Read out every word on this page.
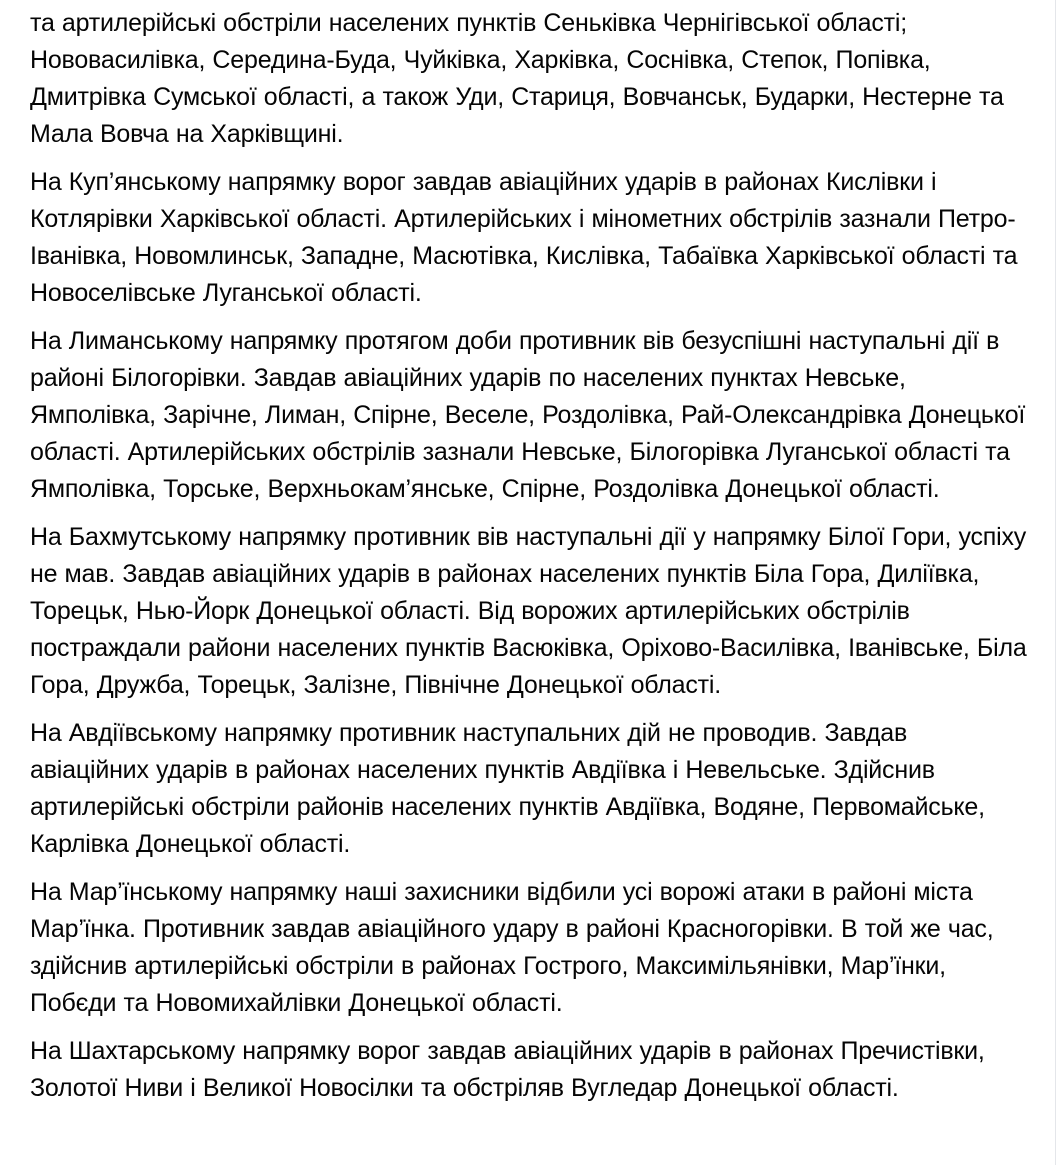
та артилерійські обстріли населених пунктів Сеньківка Чернігівської області; Нововасилівка, Середина-Буда, Чуйківка, Харківка, Соснівка, Степок, Попівка, Дмитрівка Сумської області, а також Уди, Стариця, Вовчанськ, Бударки, Нестерне та Мала Вовча на Харківщині.

На Куп’янському напрямку ворог завдав авіаційних ударів в районах Кислівки і Котлярівки Харківської області. Артилерійських і мінометних обстрілів зазнали Петро-Іванівка, Новомлинськ, Западне, Масютівка, Кислівка, Табаївка Харківської області та Новоселівське Луганської області.

На Лиманському напрямку протягом доби противник вів безуспішні наступальні дії в районі Білогорівки. Завдав авіаційних ударів по населених пунктах Невське, Ямполівка, Зарічне, Лиман, Спірне, Веселе, Роздолівка, Рай-Олександрівка Донецької області. Артилерійських обстрілів зазнали Невське, Білогорівка Луганської області та Ямполівка, Торське, Верхньокам’янське, Спірне, Роздолівка Донецької області.

На Бахмутському напрямку противник вів наступальні дії у напрямку Білої Гори, успіху не мав. Завдав авіаційних ударів в районах населених пунктів Біла Гора, Диліївка, Торецьк, Нью-Йорк Донецької області. Від ворожих артилерійських обстрілів постраждали райони населених пунктів Васюківка, Оріхово-Василівка, Іванівське, Біла Гора, Дружба, Торецьк, Залізне, Північне Донецької області.

На Авдіївському напрямку противник наступальних дій не проводив. Завдав авіаційних ударів в районах населених пунктів Авдіївка і Невельське. Здійснив артилерійські обстріли районів населених пунктів Авдіївка, Водяне, Первомайське, Карлівка Донецької області.

На Мар’їнському напрямку наші захисники відбили усі ворожі атаки в районі міста Мар’їнка. Противник завдав авіаційного удару в районі Красногорівки. В той же час, здійснив артилерійські обстріли в районах Гострого, Максимільянівки, Мар’їнки, Побєди та Новомихайлівки Донецької області.

На Шахтарському напрямку ворог завдав авіаційних ударів в районах Пречистівки, Золотої Ниви і Великої Новосілки та обстріляв Вугледар Донецької області.
